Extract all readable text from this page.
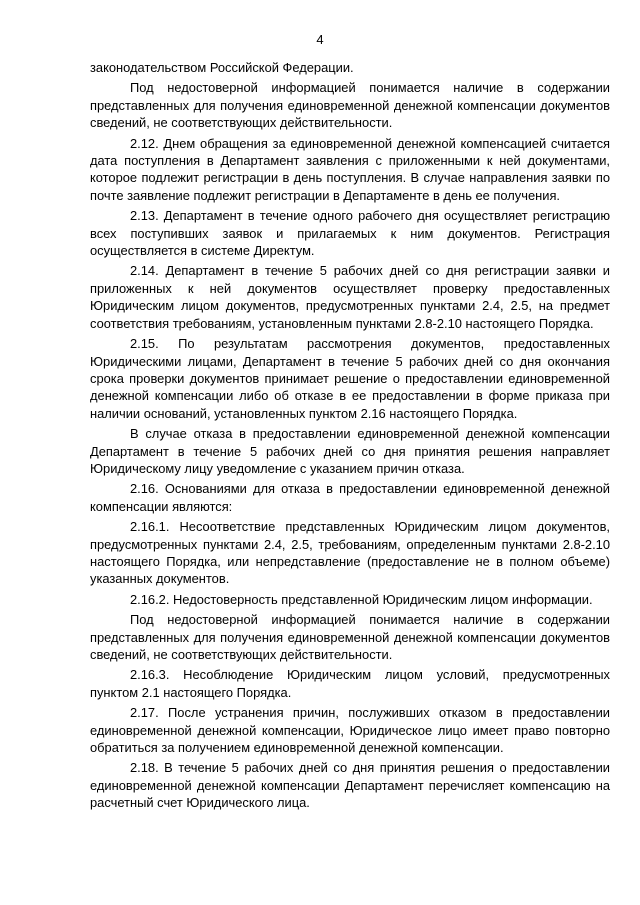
4

законодательством Российской Федерации.

Под недостоверной информацией понимается наличие в содержании представленных для получения единовременной денежной компенсации документов сведений, не соответствующих действительности.

2.12. Днем обращения за единовременной денежной компенсацией считается дата поступления в Департамент заявления с приложенными к ней документами, которое подлежит регистрации в день поступления. В случае направления заявки по почте заявление подлежит регистрации в Департаменте в день ее получения.

2.13. Департамент в течение одного рабочего дня осуществляет регистрацию всех поступивших заявок и прилагаемых к ним документов. Регистрация осуществляется в системе Директум.

2.14. Департамент в течение 5 рабочих дней со дня регистрации заявки и приложенных к ней документов осуществляет проверку предоставленных Юридическим лицом документов, предусмотренных пунктами 2.4, 2.5, на предмет соответствия требованиям, установленным пунктами 2.8-2.10 настоящего Порядка.

2.15. По результатам рассмотрения документов, предоставленных Юридическими лицами, Департамент в течение 5 рабочих дней со дня окончания срока проверки документов принимает решение о предоставлении единовременной денежной компенсации либо об отказе в ее предоставлении в форме приказа при наличии оснований, установленных пунктом 2.16 настоящего Порядка.

В случае отказа в предоставлении единовременной денежной компенсации Департамент в течение 5 рабочих дней со дня принятия решения направляет Юридическому лицу уведомление с указанием причин отказа.

2.16. Основаниями для отказа в предоставлении единовременной денежной компенсации являются:

2.16.1. Несоответствие представленных Юридическим лицом документов, предусмотренных пунктами 2.4, 2.5, требованиям, определенным пунктами 2.8-2.10 настоящего Порядка, или непредставление (предоставление не в полном объеме) указанных документов.

2.16.2. Недостоверность представленной Юридическим лицом информации.

Под недостоверной информацией понимается наличие в содержании представленных для получения единовременной денежной компенсации документов сведений, не соответствующих действительности.

2.16.3. Несоблюдение Юридическим лицом условий, предусмотренных пунктом 2.1 настоящего Порядка.

2.17. После устранения причин, послуживших отказом в предоставлении единовременной денежной компенсации, Юридическое лицо имеет право повторно обратиться за получением единовременной денежной компенсации.

2.18. В течение 5 рабочих дней со дня принятия решения о предоставлении единовременной денежной компенсации Департамент перечисляет компенсацию на расчетный счет Юридического лица.
